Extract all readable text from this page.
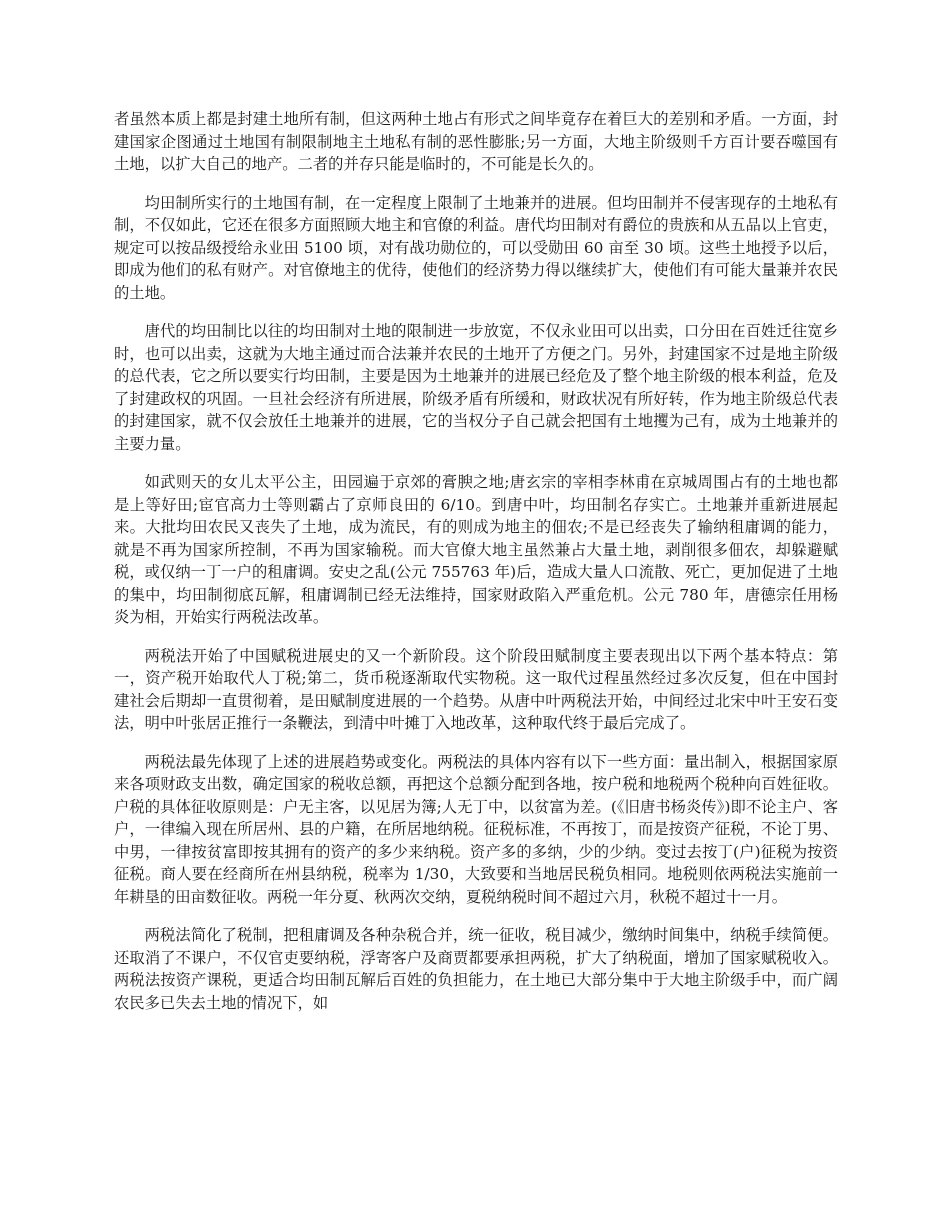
者虽然本质上都是封建土地所有制，但这两种土地占有形式之间毕竟存在着巨大的差别和矛盾。一方面，封建国家企图通过土地国有制限制地主土地私有制的恶性膨胀;另一方面，大地主阶级则千方百计要吞噬国有土地，以扩大自己的地产。二者的并存只能是临时的，不可能是长久的。

均田制所实行的土地国有制，在一定程度上限制了土地兼并的进展。但均田制并不侵害现存的土地私有制，不仅如此，它还在很多方面照顾大地主和官僚的利益。唐代均田制对有爵位的贵族和从五品以上官吏，规定可以按品级授给永业田 5100 顷，对有战功勋位的，可以受勋田 60 亩至 30 顷。这些土地授予以后，即成为他们的私有财产。对官僚地主的优待，使他们的经济势力得以继续扩大，使他们有可能大量兼并农民的土地。

唐代的均田制比以往的均田制对土地的限制进一步放宽，不仅永业田可以出卖，口分田在百姓迁往宽乡时，也可以出卖，这就为大地主通过而合法兼并农民的土地开了方便之门。另外，封建国家不过是地主阶级的总代表，它之所以要实行均田制，主要是因为土地兼并的进展已经危及了整个地主阶级的根本利益，危及了封建政权的巩固。一旦社会经济有所进展，阶级矛盾有所缓和，财政状况有所好转，作为地主阶级总代表的封建国家，就不仅会放任土地兼并的进展，它的当权分子自己就会把国有土地攫为己有，成为土地兼并的主要力量。

如武则天的女儿太平公主，田园遍于京郊的膏腴之地;唐玄宗的宰相李林甫在京城周围占有的土地也都是上等好田;宦官高力士等则霸占了京师良田的 6/10。到唐中叶，均田制名存实亡。土地兼并重新进展起来。大批均田农民又丧失了土地，成为流民，有的则成为地主的佃农;不是已经丧失了输纳租庸调的能力，就是不再为国家所控制，不再为国家输税。而大官僚大地主虽然兼占大量土地，剥削很多佃农，却躲避赋税，或仅纳一丁一户的租庸调。安史之乱(公元 755763 年)后，造成大量人口流散、死亡，更加促进了土地的集中，均田制彻底瓦解，租庸调制已经无法维持，国家财政陷入严重危机。公元 780 年，唐德宗任用杨炎为相，开始实行两税法改革。

两税法开始了中国赋税进展史的又一个新阶段。这个阶段田赋制度主要表现出以下两个基本特点：第一，资产税开始取代人丁税;第二，货币税逐渐取代实物税。这一取代过程虽然经过多次反复，但在中国封建社会后期却一直贯彻着，是田赋制度进展的一个趋势。从唐中叶两税法开始，中间经过北宋中叶王安石变法，明中叶张居正推行一条鞭法，到清中叶摊丁入地改革，这种取代终于最后完成了。

两税法最先体现了上述的进展趋势或变化。两税法的具体内容有以下一些方面：量出制入，根据国家原来各项财政支出数，确定国家的税收总额，再把这个总额分配到各地，按户税和地税两个税种向百姓征收。户税的具体征收原则是：户无主客，以见居为簿;人无丁中，以贫富为差。(《旧唐书杨炎传》)即不论主户、客户，一律编入现在所居州、县的户籍，在所居地纳税。征税标准，不再按丁，而是按资产征税，不论丁男、中男，一律按贫富即按其拥有的资产的多少来纳税。资产多的多纳，少的少纳。变过去按丁(户)征税为按资征税。商人要在经商所在州县纳税，税率为 1/30，大致要和当地居民税负相同。地税则依两税法实施前一年耕垦的田亩数征收。两税一年分夏、秋两次交纳，夏税纳税时间不超过六月，秋税不超过十一月。

两税法简化了税制，把租庸调及各种杂税合并，统一征收，税目减少，缴纳时间集中，纳税手续简便。还取消了不课户，不仅官吏要纳税，浮寄客户及商贾都要承担两税，扩大了纳税面，增加了国家赋税收入。两税法按资产课税，更适合均田制瓦解后百姓的负担能力，在土地已大部分集中于大地主阶级手中，而广阔农民多已失去土地的情况下，如
